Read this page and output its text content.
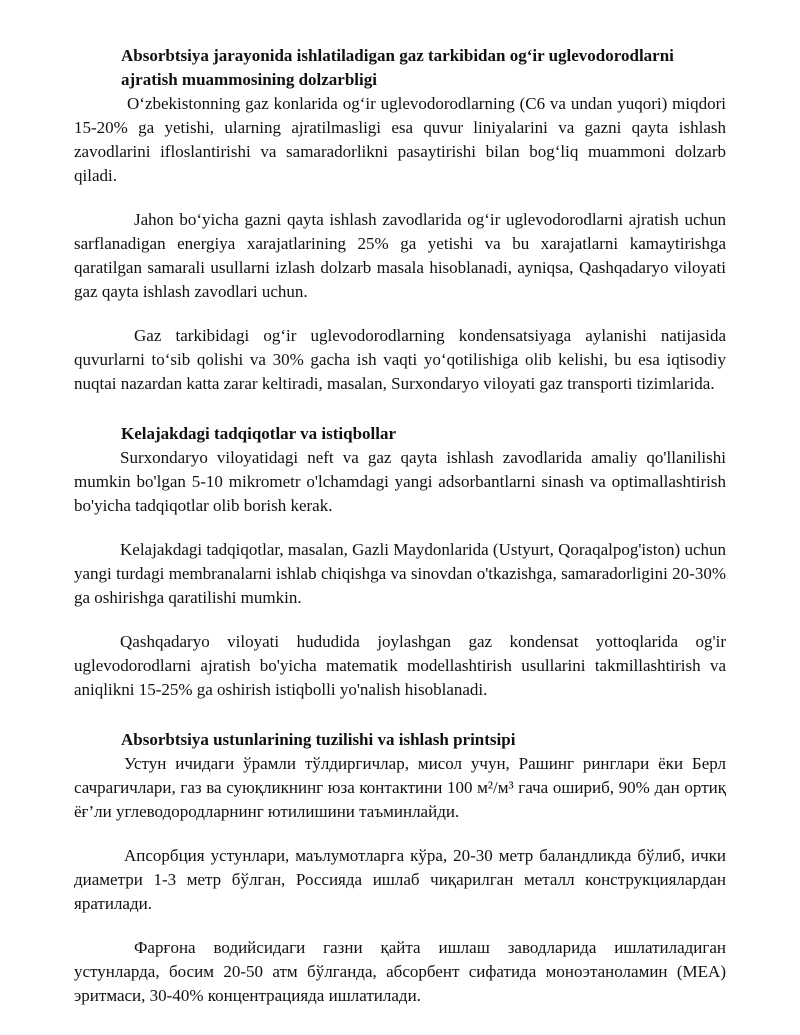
Absorbtsiya jarayonida ishlatiladigan gaz tarkibidan og‘ir uglevodorodlarni ajratish muammosining dolzarbligi

O‘zbekistonning gaz konlarida og‘ir uglevodorodlarning (C6 va undan yuqori) miqdori 15-20% ga yetishi, ularning ajratilmasligi esa quvur liniyalarini va gazni qayta ishlash zavodlarini ifloslantirishi va samaradorlikni pasaytirishi bilan bog‘liq muammoni dolzarb qiladi.

Jahon bo‘yicha gazni qayta ishlash zavodlarida og‘ir uglevodorodlarni ajratish uchun sarflanadigan energiya xarajatlarining 25% ga yetishi va bu xarajatlarni kamaytirishga qaratilgan samarali usullarni izlash dolzarb masala hisoblanadi, ayniqsa, Qashqadaryo viloyati gaz qayta ishlash zavodlari uchun.

Gaz tarkibidagi og‘ir uglevodorodlarning kondensatsiyaga aylanishi natijasida quvurlarni to‘sib qolishi va 30% gacha ish vaqti yo‘qotilishiga olib kelishi, bu esa iqtisodiy nuqtai nazardan katta zarar keltiradi, masalan, Surxondaryo viloyati gaz transporti tizimlarida.

Kelajakdagi tadqiqotlar va istiqbollar

Surxondaryo viloyatidagi neft va gaz qayta ishlash zavodlarida amaliy qo'llanilishi mumkin bo'lgan 5-10 mikrometr o'lchamdagi yangi adsorbantlarni sinash va optimallashtirish bo'yicha tadqiqotlar olib borish kerak.

Kelajakdagi tadqiqotlar, masalan, Gazli Maydonlarida (Ustyurt, Qoraqalpog'iston) uchun yangi turdagi membranalarni ishlab chiqishga va sinovdan o'tkazishga, samaradorligini 20-30% ga oshirishga qaratilishi mumkin.

Qashqadaryo viloyati hududida joylashgan gaz kondensat yottoqlarida og'ir uglevodorodlarni ajratish bo'yicha matematik modellashtirish usullarini takmillashtirish va aniqlikni 15-25% ga oshirish istiqbolli yo'nalish hisoblanadi.

Absorbtsiya ustunlarining tuzilishi va ishlash printsipi

Устун ичидаги ўрамли тўлдиргичлар, мисол учун, Рашинг ринглари ёки Берл сачрагичлари, газ ва суюқликнинг юза контактини 100 м²/м³ гача ошириб, 90% дан ортиқ ёғ’ли углеводородларнинг ютилишини таъминлайди.

Апсорбция устунлари, маълумотларга кўра, 20-30 метр баландликда бўлиб, ички диаметри 1-3 метр бўлган, Россияда ишлаб чиқарилган металл конструкциялардан яратилади.

Фарғона водийсидаги газни қайта ишлаш заводларида ишлатиладиган устунларда, босим 20-50 атм бўлганда, абсорбент сифатида моноэтаноламин (МЕА) эритмаси, 30-40% концентрацияда ишлатилади.
